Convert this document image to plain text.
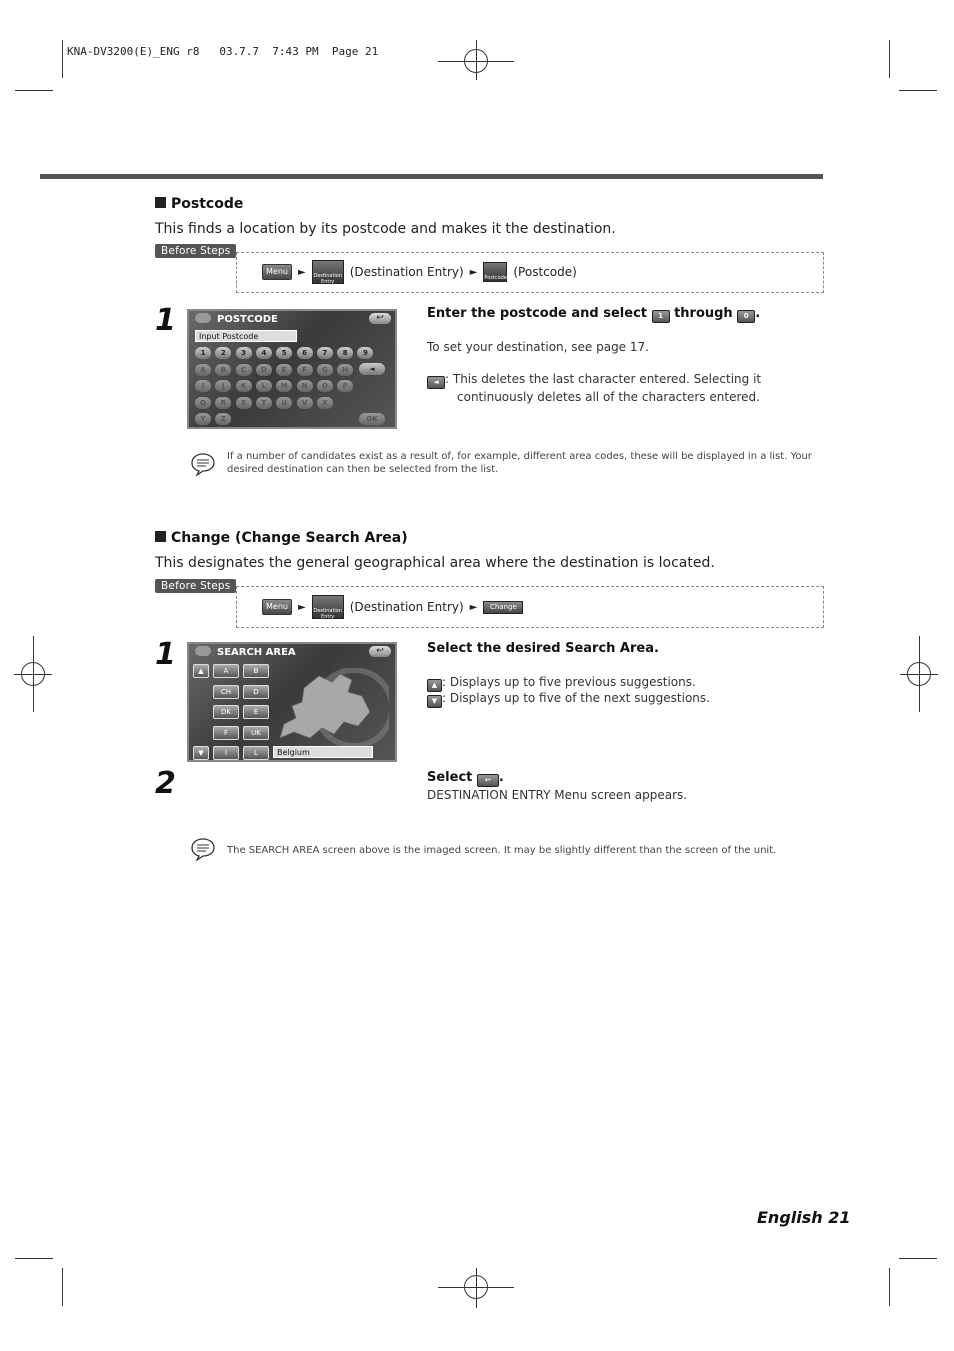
KNA-DV3200(E)_ENG r8   03.7.7  7:43 PM  Page 21
Postcode
This finds a location by its postcode and makes it the destination.
Before Steps
Menu	►	Destination Entry
(Destination Entry) ►
Postcode (Postcode)
1	POSTCODE	↩
Input Postcode
1	2	3	4	5	6	7	8	9
A	B	C	D	E	F	G	H
I	J	K	L	M	N	O	P
Q	R	S	T	U	V	X
Y	Z
◄
OK
Enter the postcode and select 1 through 0 .
To set your destination, see page 17.
◄ : This deletes the last character entered. Selecting it
continuously deletes all of the characters entered.
If a number of candidates exist as a result of, for example, different area codes, these will be displayed in a list. Your desired destination can then be selected from the list.
Change (Change Search Area)
This designates the general geographical area where the destination is located.
Before Steps
Menu	►	Destination Entry
(Destination Entry) ►	Change
1	SEARCH AREA	↩
▲
▼
A	B
CH	D
DK	E
F	UK
I	L	Belgium
Select the desired Search Area.
▲ : Displays up to five previous suggestions.
▼ : Displays up to five of the next suggestions.
2	Select ↩ .
DESTINATION ENTRY Menu screen appears.
The SEARCH AREA screen above is the imaged screen. It may be slightly different than the screen of the unit.
English 21
